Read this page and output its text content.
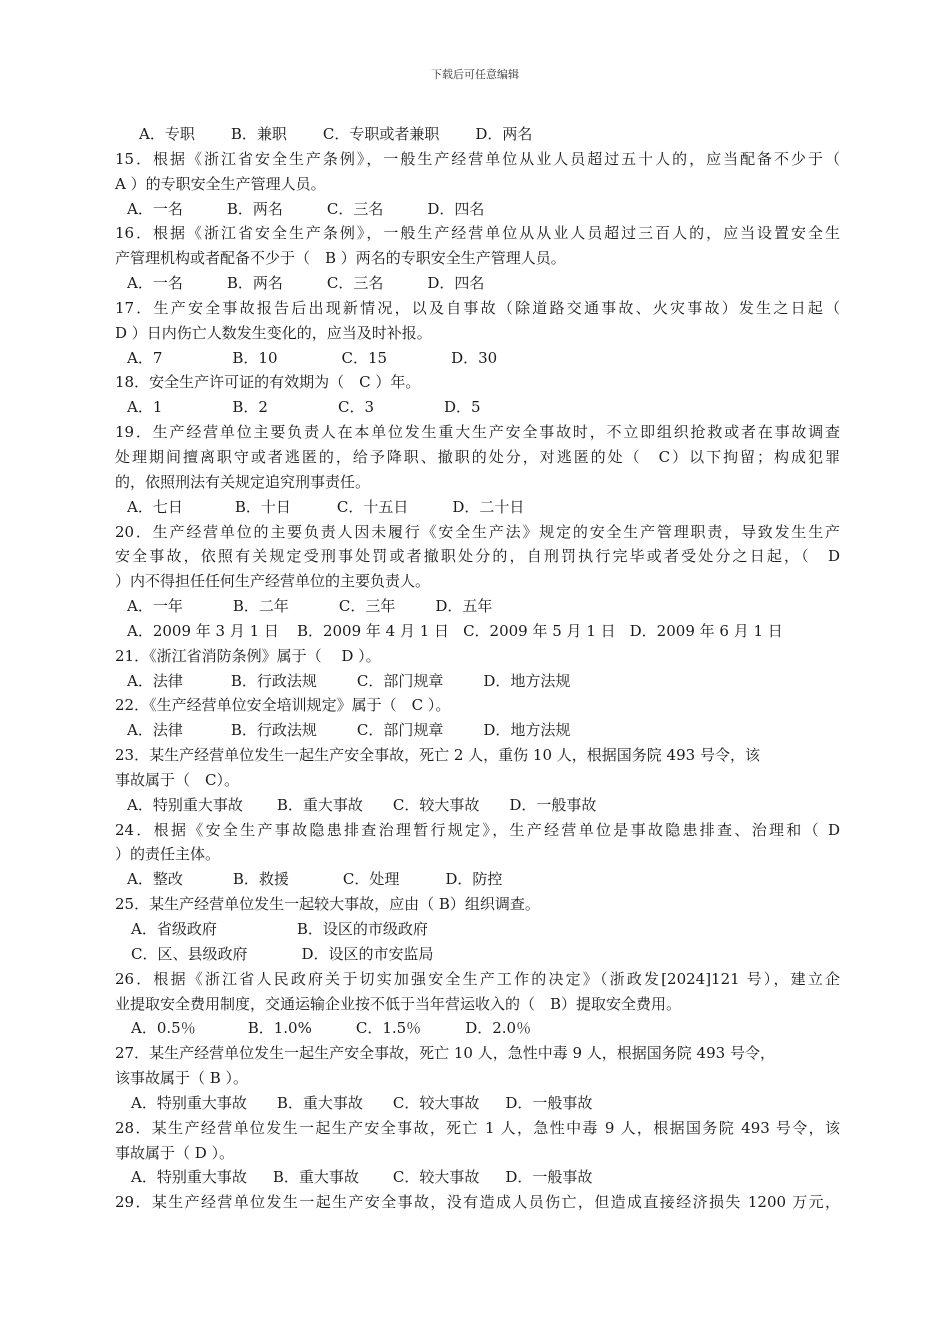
下载后可任意编辑
A．专职 B．兼职 C．专职或者兼职 D．两名
15．根据《浙江省安全生产条例》，一般生产经营单位从业人员超过五十人的，应当配备不少于（
A ）的专职安全生产管理人员。
A．一名	B．两名	C．三名	D．四名
16．根据《浙江省安全生产条例》，一般生产经营单位从从业人员超过三百人的，应当设置安全生
产管理机构或者配备不少于（　B ）两名的专职安全生产管理人员。
A．一名	B．两名	C．三名	D．四名
17．生产安全事故报告后出现新情况，以及自事故（除道路交通事故、火灾事故）发生之日起（
D ）日内伤亡人数发生变化的，应当及时补报。
A．7	B．10	C．15	D．30
18．安全生产许可证的有效期为（　C ）年。
A．1	B．2	C．3	D．5
19．生产经营单位主要负责人在本单位发生重大生产安全事故时，不立即组织抢救或者在事故调查
处理期间擅离职守或者逃匿的，给予降职、撤职的处分，对逃匿的处（　C）以下拘留；构成犯罪
的，依照刑法有关规定追究刑事责任。
A．七日	B．十日	C．十五日	D．二十日
20．生产经营单位的主要负责人因未履行《安全生产法》规定的安全生产管理职责，导致发生生产
安全事故，依照有关规定受刑事处罚或者撤职处分的，自刑罚执行完毕或者受处分之日起，（　D
）内不得担任任何生产经营单位的主要负责人。
A．一年	B．二年	C．三年	D．五年
A．2009 年 3 月 1 日 B．2009 年 4 月 1 日 C．2009 年 5 月 1 日 D．2009 年 6 月 1 日
21．《浙江省消防条例》属于（　 D ）。
A．法律	B．行政法规	C．部门规章	D．地方法规
22．《生产经营单位安全培训规定》属于（　C ）。
A．法律	B．行政法规	C．部门规章	D．地方法规
23．某生产经营单位发生一起生产安全事故，死亡 2 人，重伤 10 人，根据国务院 493 号令，该
事故属于（　C）。
A．特别重大事故 B．重大事故 C．较大事故 D．一般事故
24．根据《安全生产事故隐患排查治理暂行规定》，生产经营单位是事故隐患排查、治理和（ D
）的责任主体。
A．整改	B．救援	C．处理	D．防控
25．某生产经营单位发生一起较大事故，应由（ B）组织调查。
A．省级政府	B．设区的市级政府
C．区、县级政府	D．设区的市安监局
26．根据《浙江省人民政府关于切实加强安全生产工作的决定》（浙政发[2024]121 号），建立企
业提取安全费用制度，交通运输企业按不低于当年营运收入的（　B）提取安全费用。
A．0.5％	B．1.0%	C．1.5％	D．2.0％
27．某生产经营单位发生一起生产安全事故，死亡 10 人，急性中毒 9 人，根据国务院 493 号令，
该事故属于（ B ）。
A．特别重大事故 B．重大事故 C．较大事故 D．一般事故
28．某生产经营单位发生一起生产安全事故，死亡 1 人，急性中毒 9 人，根据国务院 493 号令，该
事故属于（ D ）。
A．特别重大事故 B．重大事故 C．较大事故 D．一般事故
29．某生产经营单位发生一起生产安全事故，没有造成人员伤亡，但造成直接经济损失 1200 万元，
